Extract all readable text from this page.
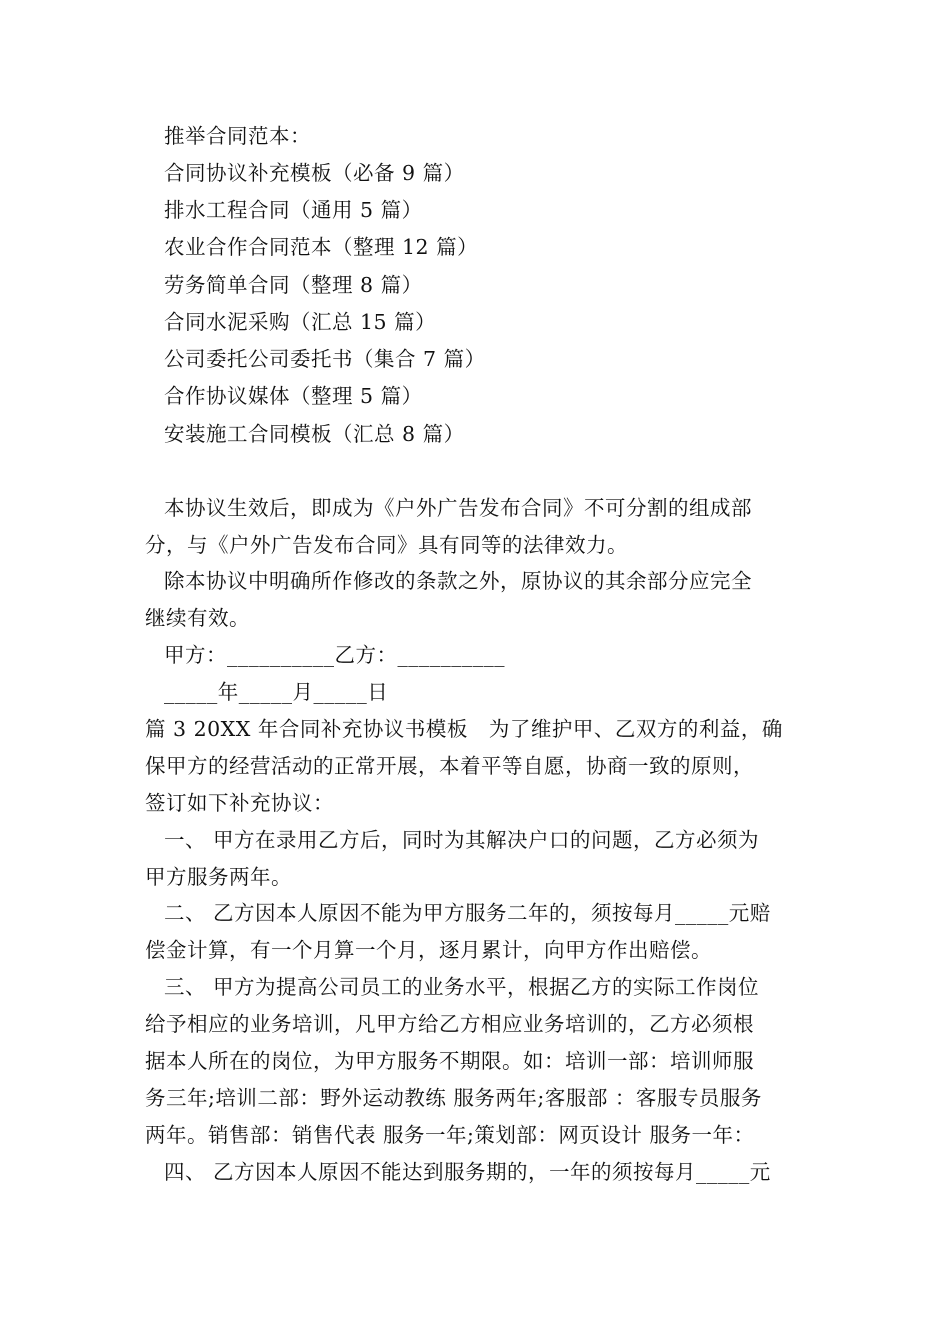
推举合同范本：
合同协议补充模板（必备 9 篇）
排水工程合同（通用 5 篇）
农业合作合同范本（整理 12 篇）
劳务简单合同（整理 8 篇）
合同水泥采购（汇总 15 篇）
公司委托公司委托书（集合 7 篇）
合作协议媒体（整理 5 篇）
安装施工合同模板（汇总 8 篇）
本协议生效后，即成为《户外广告发布合同》不可分割的组成部
分，与《户外广告发布合同》具有同等的法律效力。
除本协议中明确所作修改的条款之外，原协议的其余部分应完全
继续有效。
甲方：__________乙方：__________
_____年_____月_____日
篇 3 20XX 年合同补充协议书模板　为了维护甲、乙双方的利益，确
保甲方的经营活动的正常开展，本着平等自愿，协商一致的原则，
签订如下补充协议：
一、 甲方在录用乙方后，同时为其解决户口的问题，乙方必须为
甲方服务两年。
二、 乙方因本人原因不能为甲方服务二年的，须按每月_____元赔
偿金计算，有一个月算一个月，逐月累计，向甲方作出赔偿。
三、 甲方为提高公司员工的业务水平，根据乙方的实际工作岗位
给予相应的业务培训，凡甲方给乙方相应业务培训的，乙方必须根
据本人所在的岗位，为甲方服务不期限。如：培训一部：培训师服
务三年;培训二部：野外运动教练 服务两年;客服部 ：客服专员服务
两年。销售部：销售代表 服务一年;策划部：网页设计 服务一年：
四、 乙方因本人原因不能达到服务期的，一年的须按每月_____元
